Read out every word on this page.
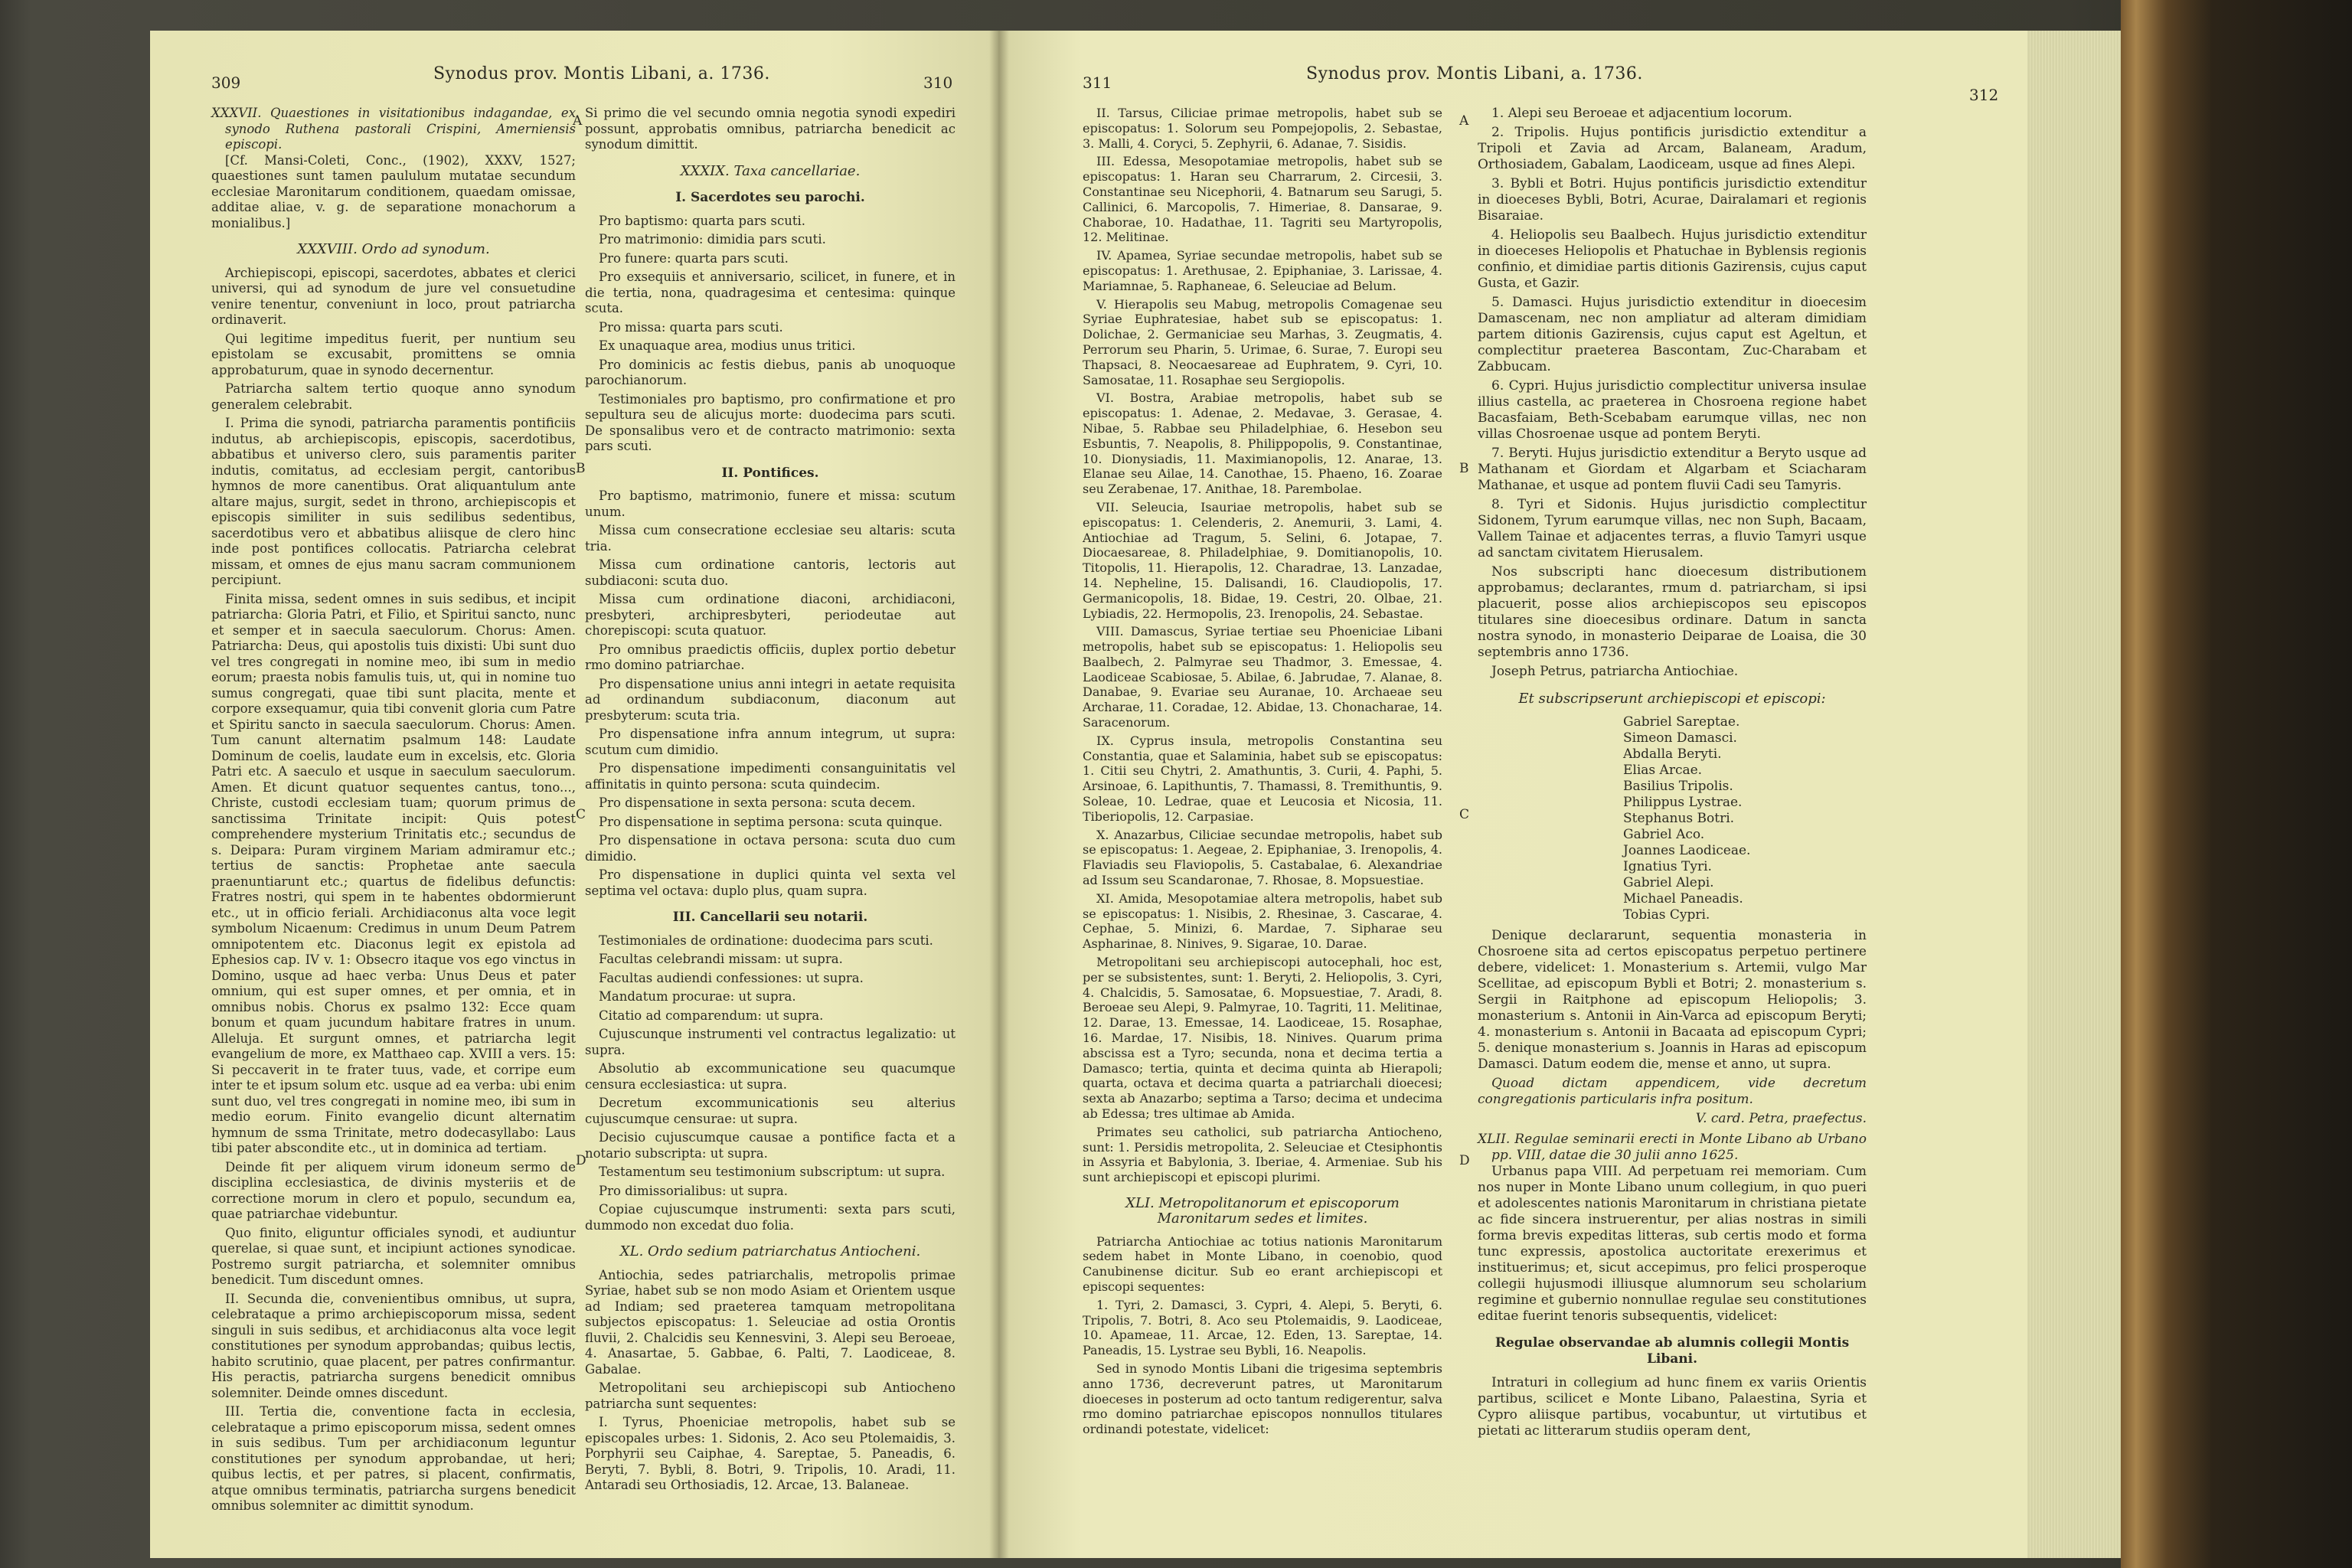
309	Synodus prov. Montis Libani, a. 1736.	310	311	Synodus prov. Montis Libani, a. 1736.
312
XXXVII. Quaestiones in visitationibus indagandae, ex synodo Ruthena pastorali Crispini, Amerniensis episcopi.

[Cf. Mansi-Coleti, Conc., (1902), XXXV, 1527; quaestiones sunt tamen paululum mutatae secundum ecclesiae Maronitarum conditionem, quaedam omissae, additae aliae, v. g. de separatione monachorum a monialibus.]

XXXVIII. Ordo ad synodum.

Archiepiscopi, episcopi, sacerdotes, abbates et clerici universi, qui ad synodum de jure vel consuetudine venire tenentur, conveniunt in loco, prout patriarcha ordinaverit.

Qui legitime impeditus fuerit, per nuntium seu epistolam se excusabit, promittens se omnia approbaturum, quae in synodo decernentur.

Patriarcha saltem tertio quoque anno synodum generalem celebrabit.

I. Prima die synodi, patriarcha paramentis pontificiis indutus, ab archiepiscopis, episcopis, sacerdotibus, abbatibus et universo clero, suis paramentis pariter indutis, comitatus, ad ecclesiam pergit, cantoribus hymnos de more canentibus. Orat aliquantulum ante altare majus, surgit, sedet in throno, archiepiscopis et episcopis similiter in suis sedilibus sedentibus, sacerdotibus vero et abbatibus aliisque de clero hinc inde post pontifices collocatis. Patriarcha celebrat missam, et omnes de ejus manu sacram communionem percipiunt.

Finita missa, sedent omnes in suis sedibus, et incipit patriarcha: Gloria Patri, et Filio, et Spiritui sancto, nunc et semper et in saecula saeculorum. Chorus: Amen. Patriarcha: Deus, qui apostolis tuis dixisti: Ubi sunt duo vel tres congregati in nomine meo, ibi sum in medio eorum; praesta nobis famulis tuis, ut, qui in nomine tuo sumus congregati, quae tibi sunt placita, mente et corpore exsequamur, quia tibi convenit gloria cum Patre et Spiritu sancto in saecula saeculorum. Chorus: Amen. Tum canunt alternatim psalmum 148: Laudate Dominum de coelis, laudate eum in excelsis, etc. Gloria Patri etc. A saeculo et usque in saeculum saeculorum. Amen. Et dicunt quatuor sequentes cantus, tono..., Christe, custodi ecclesiam tuam; quorum primus de sanctissima Trinitate incipit: Quis potest comprehendere mysterium Trinitatis etc.; secundus de s. Deipara: Puram virginem Mariam admiramur etc.; tertius de sanctis: Prophetae ante saecula praenuntiarunt etc.; quartus de fidelibus defunctis: Fratres nostri, qui spem in te habentes obdormierunt etc., ut in officio feriali. Archidiaconus alta voce legit symbolum Nicaenum: Credimus in unum Deum Patrem omnipotentem etc. Diaconus legit ex epistola ad Ephesios cap. IV v. 1: Obsecro itaque vos ego vinctus in Domino, usque ad haec verba: Unus Deus et pater omnium, qui est super omnes, et per omnia, et in omnibus nobis. Chorus ex psalmo 132: Ecce quam bonum et quam jucundum habitare fratres in unum. Alleluja. Et surgunt omnes, et patriarcha legit evangelium de more, ex Matthaeo cap. XVIII a vers. 15: Si peccaverit in te frater tuus, vade, et corripe eum inter te et ipsum solum etc. usque ad ea verba: ubi enim sunt duo, vel tres congregati in nomine meo, ibi sum in medio eorum. Finito evangelio dicunt alternatim hymnum de ssma Trinitate, metro dodecasyllabo: Laus tibi pater abscondite etc., ut in dominica ad tertiam.

Deinde fit per aliquem virum idoneum sermo de disciplina ecclesiastica, de divinis mysteriis et de correctione morum in clero et populo, secundum ea, quae patriarchae videbuntur.

Quo finito, eliguntur officiales synodi, et audiuntur querelae, si quae sunt, et incipiunt actiones synodicae. Postremo surgit patriarcha, et solemniter omnibus benedicit. Tum discedunt omnes.

II. Secunda die, convenientibus omnibus, ut supra, celebrataque a primo archiepiscoporum missa, sedent singuli in suis sedibus, et archidiaconus alta voce legit constitutiones per synodum approbandas; quibus lectis, habito scrutinio, quae placent, per patres confirmantur. His peractis, patriarcha surgens benedicit omnibus solemniter. Deinde omnes discedunt.

III. Tertia die, conventione facta in ecclesia, celebrataque a primo episcoporum missa, sedent omnes in suis sedibus. Tum per archidiaconum leguntur constitutiones per synodum approbandae, ut heri; quibus lectis, et per patres, si placent, confirmatis, atque omnibus terminatis, patriarcha surgens benedicit omnibus solemniter ac dimittit synodum.

Si primo die vel secundo omnia negotia synodi expediri possunt, approbatis omnibus, patriarcha benedicit ac synodum dimittit.

XXXIX. Taxa cancellariae.
I. Sacerdotes seu parochi.

Pro baptismo: quarta pars scuti.

Pro matrimonio: dimidia pars scuti.

Pro funere: quarta pars scuti.

Pro exsequiis et anniversario, scilicet, in funere, et in die tertia, nona, quadragesima et centesima: quinque scuta.

Pro missa: quarta pars scuti.

Ex unaquaque area, modius unus tritici.

Pro dominicis ac festis diebus, panis ab unoquoque parochianorum.

Testimoniales pro baptismo, pro confirmatione et pro sepultura seu de alicujus morte: duodecima pars scuti. De sponsalibus vero et de contracto matrimonio: sexta pars scuti.

II. Pontifices.

Pro baptismo, matrimonio, funere et missa: scutum unum.

Missa cum consecratione ecclesiae seu altaris: scuta tria.

Missa cum ordinatione cantoris, lectoris aut subdiaconi: scuta duo.

Missa cum ordinatione diaconi, archidiaconi, presbyteri, archipresbyteri, periodeutae aut chorepiscopi: scuta quatuor.

Pro omnibus praedictis officiis, duplex portio debetur rmo domino patriarchae.

Pro dispensatione unius anni integri in aetate requisita ad ordinandum subdiaconum, diaconum aut presbyterum: scuta tria.

Pro dispensatione infra annum integrum, ut supra: scutum cum dimidio.

Pro dispensatione impedimenti consanguinitatis vel affinitatis in quinto persona: scuta quindecim.

Pro dispensatione in sexta persona: scuta decem.

Pro dispensatione in septima persona: scuta quinque.

Pro dispensatione in octava persona: scuta duo cum dimidio.

Pro dispensatione in duplici quinta vel sexta vel septima vel octava: duplo plus, quam supra.

III. Cancellarii seu notarii.

Testimoniales de ordinatione: duodecima pars scuti.

Facultas celebrandi missam: ut supra.

Facultas audiendi confessiones: ut supra.

Mandatum procurae: ut supra.

Citatio ad comparendum: ut supra.

Cujuscunque instrumenti vel contractus legalizatio: ut supra.

Absolutio ab excommunicatione seu quacumque censura ecclesiastica: ut supra.

Decretum excommunicationis seu alterius cujuscumque censurae: ut supra.

Decisio cujuscumque causae a pontifice facta et a notario subscripta: ut supra.

Testamentum seu testimonium subscriptum: ut supra.

Pro dimissorialibus: ut supra.

Copiae cujuscumque instrumenti: sexta pars scuti, dummodo non excedat duo folia.

XL. Ordo sedium patriarchatus Antiocheni.

Antiochia, sedes patriarchalis, metropolis primae Syriae, habet sub se non modo Asiam et Orientem usque ad Indiam; sed praeterea tamquam metropolitana subjectos episcopatus: 1. Seleuciae ad ostia Orontis fluvii, 2. Chalcidis seu Kennesvini, 3. Alepi seu Beroeae, 4. Anasartae, 5. Gabbae, 6. Palti, 7. Laodiceae, 8. Gabalae.

Metropolitani seu archiepiscopi sub Antiocheno patriarcha sunt sequentes:

I. Tyrus, Phoeniciae metropolis, habet sub se episcopales urbes: 1. Sidonis, 2. Aco seu Ptolemaidis, 3. Porphyrii seu Caiphae, 4. Sareptae, 5. Paneadis, 6. Beryti, 7. Bybli, 8. Botri, 9. Tripolis, 10. Aradi, 11. Antaradi seu Orthosiadis, 12. Arcae, 13. Balaneae.

II. Tarsus, Ciliciae primae metropolis, habet sub se episcopatus: 1. Solorum seu Pompejopolis, 2. Sebastae, 3. Malli, 4. Coryci, 5. Zephyrii, 6. Adanae, 7. Sisidis.

III. Edessa, Mesopotamiae metropolis, habet sub se episcopatus: 1. Haran seu Charrarum, 2. Circesii, 3. Constantinae seu Nicephorii, 4. Batnarum seu Sarugi, 5. Callinici, 6. Marcopolis, 7. Himeriae, 8. Dansarae, 9. Chaborae, 10. Hadathae, 11. Tagriti seu Martyropolis, 12. Melitinae.

IV. Apamea, Syriae secundae metropolis, habet sub se episcopatus: 1. Arethusae, 2. Epiphaniae, 3. Larissae, 4. Mariamnae, 5. Raphaneae, 6. Seleuciae ad Belum.

V. Hierapolis seu Mabug, metropolis Comagenae seu Syriae Euphratesiae, habet sub se episcopatus: 1. Dolichae, 2. Germaniciae seu Marhas, 3. Zeugmatis, 4. Perrorum seu Pharin, 5. Urimae, 6. Surae, 7. Europi seu Thapsaci, 8. Neocaesareae ad Euphratem, 9. Cyri, 10. Samosatae, 11. Rosaphae seu Sergiopolis.

VI. Bostra, Arabiae metropolis, habet sub se episcopatus: 1. Adenae, 2. Medavae, 3. Gerasae, 4. Nibae, 5. Rabbae seu Philadelphiae, 6. Hesebon seu Esbuntis, 7. Neapolis, 8. Philippopolis, 9. Constantinae, 10. Dionysiadis, 11. Maximianopolis, 12. Anarae, 13. Elanae seu Ailae, 14. Canothae, 15. Phaeno, 16. Zoarae seu Zerabenae, 17. Anithae, 18. Parembolae.

VII. Seleucia, Isauriae metropolis, habet sub se episcopatus: 1. Celenderis, 2. Anemurii, 3. Lami, 4. Antiochiae ad Tragum, 5. Selini, 6. Jotapae, 7. Diocaesareae, 8. Philadelphiae, 9. Domitianopolis, 10. Titopolis, 11. Hierapolis, 12. Charadrae, 13. Lanzadae, 14. Nepheline, 15. Dalisandi, 16. Claudiopolis, 17. Germanicopolis, 18. Bidae, 19. Cestri, 20. Olbae, 21. Lybiadis, 22. Hermopolis, 23. Irenopolis, 24. Sebastae.

VIII. Damascus, Syriae tertiae seu Phoeniciae Libani metropolis, habet sub se episcopatus: 1. Heliopolis seu Baalbech, 2. Palmyrae seu Thadmor, 3. Emessae, 4. Laodiceae Scabiosae, 5. Abilae, 6. Jabrudae, 7. Alanae, 8. Danabae, 9. Evariae seu Auranae, 10. Archaeae seu Archarae, 11. Coradae, 12. Abidae, 13. Chonacharae, 14. Saracenorum.

IX. Cyprus insula, metropolis Constantina seu Constantia, quae et Salaminia, habet sub se episcopatus: 1. Citii seu Chytri, 2. Amathuntis, 3. Curii, 4. Paphi, 5. Arsinoae, 6. Lapithuntis, 7. Thamassi, 8. Tremithuntis, 9. Soleae, 10. Ledrae, quae et Leucosia et Nicosia, 11. Tiberiopolis, 12. Carpasiae.

X. Anazarbus, Ciliciae secundae metropolis, habet sub se episcopatus: 1. Aegeae, 2. Epiphaniae, 3. Irenopolis, 4. Flaviadis seu Flaviopolis, 5. Castabalae, 6. Alexandriae ad Issum seu Scandaronae, 7. Rhosae, 8. Mopsuestiae.

XI. Amida, Mesopotamiae altera metropolis, habet sub se episcopatus: 1. Nisibis, 2. Rhesinae, 3. Cascarae, 4. Cephae, 5. Minizi, 6. Mardae, 7. Sipharae seu Aspharinae, 8. Ninives, 9. Sigarae, 10. Darae.

Metropolitani seu archiepiscopi autocephali, hoc est, per se subsistentes, sunt: 1. Beryti, 2. Heliopolis, 3. Cyri, 4. Chalcidis, 5. Samosatae, 6. Mopsuestiae, 7. Aradi, 8. Beroeae seu Alepi, 9. Palmyrae, 10. Tagriti, 11. Melitinae, 12. Darae, 13. Emessae, 14. Laodiceae, 15. Rosaphae, 16. Mardae, 17. Nisibis, 18. Ninives. Quarum prima abscissa est a Tyro; secunda, nona et decima tertia a Damasco; tertia, quinta et decima quinta ab Hierapoli; quarta, octava et decima quarta a patriarchali dioecesi; sexta ab Anazarbo; septima a Tarso; decima et undecima ab Edessa; tres ultimae ab Amida.

Primates seu catholici, sub patriarcha Antiocheno, sunt: 1. Persidis metropolita, 2. Seleuciae et Ctesiphontis in Assyria et Babylonia, 3. Iberiae, 4. Armeniae. Sub his sunt archiepiscopi et episcopi plurimi.

XLI. Metropolitanorum et episcoporum Maronitarum sedes et limites.

Patriarcha Antiochiae ac totius nationis Maronitarum sedem habet in Monte Libano, in coenobio, quod Canubinense dicitur. Sub eo erant archiepiscopi et episcopi sequentes:

1. Tyri, 2. Damasci, 3. Cypri, 4. Alepi, 5. Beryti, 6. Tripolis, 7. Botri, 8. Aco seu Ptolemaidis, 9. Laodiceae, 10. Apameae, 11. Arcae, 12. Eden, 13. Sareptae, 14. Paneadis, 15. Lystrae seu Bybli, 16. Neapolis.

Sed in synodo Montis Libani die trigesima septembris anno 1736, decreverunt patres, ut Maronitarum dioeceses in posterum ad octo tantum redigerentur, salva rmo domino patriarchae episcopos nonnullos titulares ordinandi potestate, videlicet:

1. Alepi seu Beroeae et adjacentium locorum.

2. Tripolis. Hujus pontificis jurisdictio extenditur a Tripoli et Zavia ad Arcam, Balaneam, Aradum, Orthosiadem, Gabalam, Laodiceam, usque ad fines Alepi.

3. Bybli et Botri. Hujus pontificis jurisdictio extenditur in dioeceses Bybli, Botri, Acurae, Dairalamari et regionis Bisaraiae.

4. Heliopolis seu Baalbech. Hujus jurisdictio extenditur in dioeceses Heliopolis et Phatuchae in Byblensis regionis confinio, et dimidiae partis ditionis Gazirensis, cujus caput Gusta, et Gazir.

5. Damasci. Hujus jurisdictio extenditur in dioecesim Damascenam, nec non ampliatur ad alteram dimidiam partem ditionis Gazirensis, cujus caput est Ageltun, et complectitur praeterea Bascontam, Zuc-Charabam et Zabbucam.

6. Cypri. Hujus jurisdictio complectitur universa insulae illius castella, ac praeterea in Chosroena regione habet Bacasfaiam, Beth-Scebabam earumque villas, nec non villas Chosroenae usque ad pontem Beryti.

7. Beryti. Hujus jurisdictio extenditur a Beryto usque ad Mathanam et Giordam et Algarbam et Sciacharam Mathanae, et usque ad pontem fluvii Cadi seu Tamyris.

8. Tyri et Sidonis. Hujus jurisdictio complectitur Sidonem, Tyrum earumque villas, nec non Suph, Bacaam, Vallem Tainae et adjacentes terras, a fluvio Tamyri usque ad sanctam civitatem Hierusalem.

Nos subscripti hanc dioecesum distributionem approbamus; declarantes, rmum d. patriarcham, si ipsi placuerit, posse alios archiepiscopos seu episcopos titulares sine dioecesibus ordinare. Datum in sancta nostra synodo, in monasterio Deiparae de Loaisa, die 30 septembris anno 1736.

Joseph Petrus, patriarcha Antiochiae.

Et subscripserunt archiepiscopi et episcopi:
Gabriel Sareptae.
Simeon Damasci.
Abdalla Beryti.
Elias Arcae.
Basilius Tripolis.
Philippus Lystrae.
Stephanus Botri.
Gabriel Aco.
Joannes Laodiceae.
Ignatius Tyri.
Gabriel Alepi.
Michael Paneadis.
Tobias Cypri.

Denique declararunt, sequentia monasteria in Chosroene sita ad certos episcopatus perpetuo pertinere debere, videlicet: 1. Monasterium s. Artemii, vulgo Mar Scellitae, ad episcopum Bybli et Botri; 2. monasterium s. Sergii in Raitphone ad episcopum Heliopolis; 3. monasterium s. Antonii in Ain-Varca ad episcopum Beryti; 4. monasterium s. Antonii in Bacaata ad episcopum Cypri; 5. denique monasterium s. Joannis in Haras ad episcopum Damasci. Datum eodem die, mense et anno, ut supra.

Quoad dictam appendicem, vide decretum congregationis particularis infra positum.

V. card. Petra, praefectus.
XLII. Regulae seminarii erecti in Monte Libano ab Urbano pp. VIII, datae die 30 julii anno 1625.

Urbanus papa VIII. Ad perpetuam rei memoriam. Cum nos nuper in Monte Libano unum collegium, in quo pueri et adolescentes nationis Maronitarum in christiana pietate ac fide sincera instruerentur, per alias nostras in simili forma brevis expeditas litteras, sub certis modo et forma tunc expressis, apostolica auctoritate erexerimus et instituerimus; et, sicut accepimus, pro felici prosperoque collegii hujusmodi illiusque alumnorum seu scholarium regimine et gubernio nonnullae regulae seu constitutiones editae fuerint tenoris subsequentis, videlicet:

Regulae observandae ab alumnis collegii Montis Libani.

Intraturi in collegium ad hunc finem ex variis Orientis partibus, scilicet e Monte Libano, Palaestina, Syria et Cypro aliisque partibus, vocabuntur, ut virtutibus et pietati ac litterarum studiis operam dent,

A
B
C
D
A
B
C
D
